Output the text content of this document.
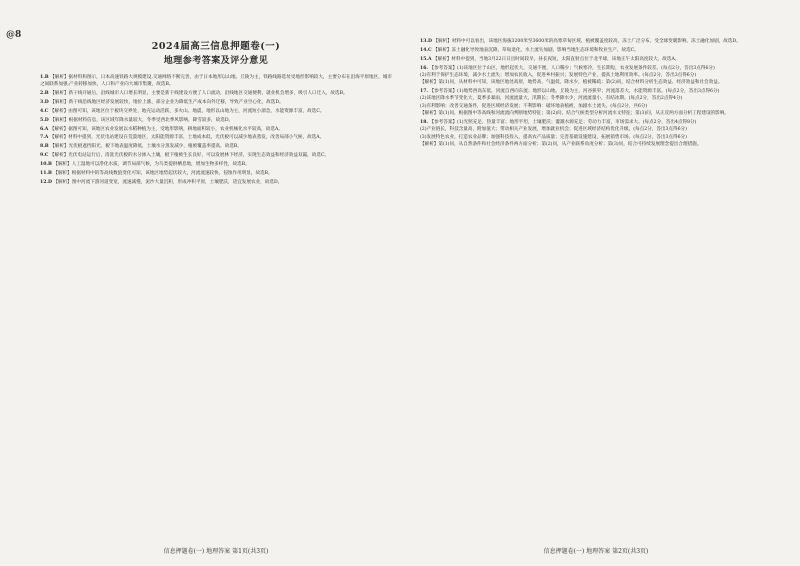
@8
2024届高三信息押题卷(一)
地理参考答案及评分意见
1.B 【解析】据材料和图示，日本高速铁路大规模建设,交通网络不断完善，由于日本地形以山地、丘陵为主，铁路线路选址受地形影响较大，主要分布在沿海平原地区，城市之间联系加强,产业转移加快，人口和产业向大城市集聚，故选B。
2.B 【解析】新干线开通后，沿线城市人口增长明显，主要是新干线建设方便了人口流动，沿线地区交通便利，就业机会增多，吸引人口迁入，故选B。
3.D 【解析】新干线沿线地区经济发展较快，地价上涨，部分企业为降低生产成本向外迁移，导致产业空心化，故选D。
4.C 【解析】由图可知，该地区位于板块交界处，地壳运动活跃，多火山、地震，地形以山地为主，河流短小湍急，水能资源丰富，故选C。
5.D 【解析】根据材料信息，该区域年降水量较大，冬季受西北季风影响，降雪较多，故选D。
6.A 【解析】据图可知，该地区农业发展以水稻种植为主，受地形影响，耕地面积较小，农业机械化水平较高，故选A。
7.A 【解析】材料中提到，光伏电站建设在荒漠地区，太阳能资源丰富，土地成本低，光伏板可以减少地表蒸发，改善局部小气候，故选A。
8.B 【解析】光伏板遮挡阳光，板下地表温度降低，土壤水分蒸发减少，植被覆盖率提高，故选B。
9.C 【解析】光伏电站运行后，清洗光伏板的水分渗入土壤，板下植被生长良好，可以发展林下经济，实现生态效益和经济效益双赢，故选C。
10.B 【解析】人工湿地可以净化水质，调节局部气候，为鸟类提供栖息地，增加生物多样性，故选B。
11.B 【解析】根据材料中的等高线数值变化可知，该地区地势起伏较大，河流流速较快，侵蚀作用明显，故选B。
12.D 【解析】图中河流下游河道变宽，流速减慢，泥沙大量沉积，形成冲积平原，土壤肥沃，适宜发展农业，故选D。
信息押题卷(一) 地理答案 第1页(共3页)
13.D 【解析】材料中可以看出，该地区海拔3200米至3600米的高寒草甸区域，植被覆盖度较高，冻土广泛分布，受全球变暖影响，冻土融化加剧，故选D。
14.C 【解析】冻土融化导致地表沉降，草甸退化，水土流失加剧，影响当地生态环境和牧业生产，故选C。
15.A 【解析】材料中提到，当地3月22日日出时间较早，昼长夜短，太阳直射点位于北半球，该地正午太阳高度较大，故选A。
16. 【参考答案】(1)该地区位于山区，地形起伏大，交通不便，人口稀少；气候寒冷，生长期短，农业发展条件较差。(每点2分，答出3点得6分)
(2)有利于保护生态环境，减少水土流失；增加农民收入，促进乡村振兴；发展特色产业，提高土地利用效率。(每点2分，答出3点得6分)
【解析】第(1)问，从材料中可知，该地区地处高原，地势高，气温低，降水少，植被稀疏；第(2)问，结合材料分析生态效益、经济效益和社会效益。
17. 【参考答案】(1)地势西高东低，河流自西向东流；地形以山地、丘陵为主，河谷狭窄；河流落差大，水能资源丰富。(每点2分，答出3点得6分)
(2)该地区降水季节变化大，夏季多暴雨，河流流量大，汛期长；冬季降水少，河流流量小，有结冰期。(每点2分，答出2点得4分)
(3)有利影响：改善交通条件，促进区域经济发展；不利影响：破坏地表植被，加剧水土流失。(每点2分，共6分)
【解析】第(1)问，根据图中等高线和河流流向判断地势特征；第(2)问，结合气候类型分析河流水文特征；第(3)问，从正反两方面分析工程建设的影响。
18. 【参考答案】(1)光照充足，热量丰富；地形平坦，土壤肥沃；灌溉水源充足；劳动力丰富，市场需求大。(每点2分，答出4点得8分)
(2)产业链长，科技含量高，附加值大；带动相关产业发展，增加就业机会；促进区域经济结构优化升级。(每点2分，答出3点得6分)
(3)发展特色农业，打造农业品牌；加强科技投入，提高农产品质量；完善基础设施建设，拓展销售市场。(每点2分，答出3点得6分)
【解析】第(1)问，从自然条件和社会经济条件两方面分析；第(2)问，从产业联系角度分析；第(3)问，结合可持续发展理念提出合理措施。
信息押题卷(一) 地理答案 第2页(共3页)
